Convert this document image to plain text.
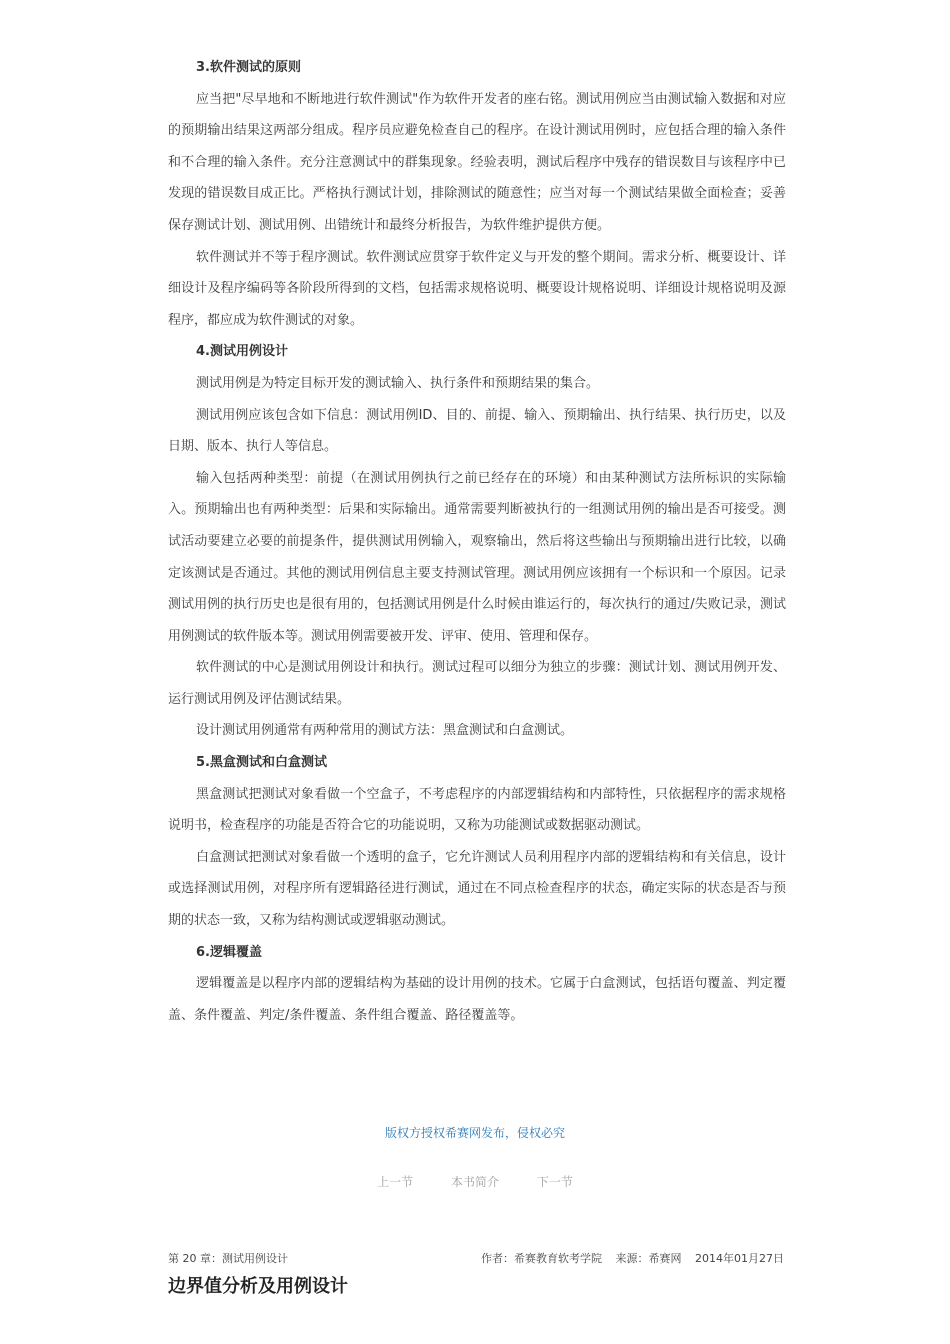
3.软件测试的原则

应当把"尽早地和不断地进行软件测试"作为软件开发者的座右铭。测试用例应当由测试输入数据和对应的预期输出结果这两部分组成。程序员应避免检查自己的程序。在设计测试用例时，应包括合理的输入条件和不合理的输入条件。充分注意测试中的群集现象。经验表明，测试后程序中残存的错误数目与该程序中已发现的错误数目成正比。严格执行测试计划，排除测试的随意性；应当对每一个测试结果做全面检查；妥善保存测试计划、测试用例、出错统计和最终分析报告，为软件维护提供方便。

软件测试并不等于程序测试。软件测试应贯穿于软件定义与开发的整个期间。需求分析、概要设计、详细设计及程序编码等各阶段所得到的文档，包括需求规格说明、概要设计规格说明、详细设计规格说明及源程序，都应成为软件测试的对象。

4.测试用例设计

测试用例是为特定目标开发的测试输入、执行条件和预期结果的集合。

测试用例应该包含如下信息：测试用例ID、目的、前提、输入、预期输出、执行结果、执行历史，以及日期、版本、执行人等信息。

输入包括两种类型：前提（在测试用例执行之前已经存在的环境）和由某种测试方法所标识的实际输入。预期输出也有两种类型：后果和实际输出。通常需要判断被执行的一组测试用例的输出是否可接受。测试活动要建立必要的前提条件，提供测试用例输入，观察输出，然后将这些输出与预期输出进行比较，以确定该测试是否通过。其他的测试用例信息主要支持测试管理。测试用例应该拥有一个标识和一个原因。记录测试用例的执行历史也是很有用的，包括测试用例是什么时候由谁运行的，每次执行的通过/失败记录，测试用例测试的软件版本等。测试用例需要被开发、评审、使用、管理和保存。

软件测试的中心是测试用例设计和执行。测试过程可以细分为独立的步骤：测试计划、测试用例开发、运行测试用例及评估测试结果。

设计测试用例通常有两种常用的测试方法：黑盒测试和白盒测试。

5.黑盒测试和白盒测试

黑盒测试把测试对象看做一个空盒子，不考虑程序的内部逻辑结构和内部特性，只依据程序的需求规格说明书，检查程序的功能是否符合它的功能说明，又称为功能测试或数据驱动测试。

白盒测试把测试对象看做一个透明的盒子，它允许测试人员利用程序内部的逻辑结构和有关信息，设计或选择测试用例，对程序所有逻辑路径进行测试，通过在不同点检查程序的状态，确定实际的状态是否与预期的状态一致，又称为结构测试或逻辑驱动测试。

6.逻辑覆盖

逻辑覆盖是以程序内部的逻辑结构为基础的设计用例的技术。它属于白盒测试，包括语句覆盖、判定覆盖、条件覆盖、判定/条件覆盖、条件组合覆盖、路径覆盖等。

版权方授权希赛网发布，侵权必究
上一节	本书简介	下一节
第 20 章：测试用例设计	作者：希赛教育软考学院 来源：希赛网 2014年01月27日
边界值分析及用例设计
